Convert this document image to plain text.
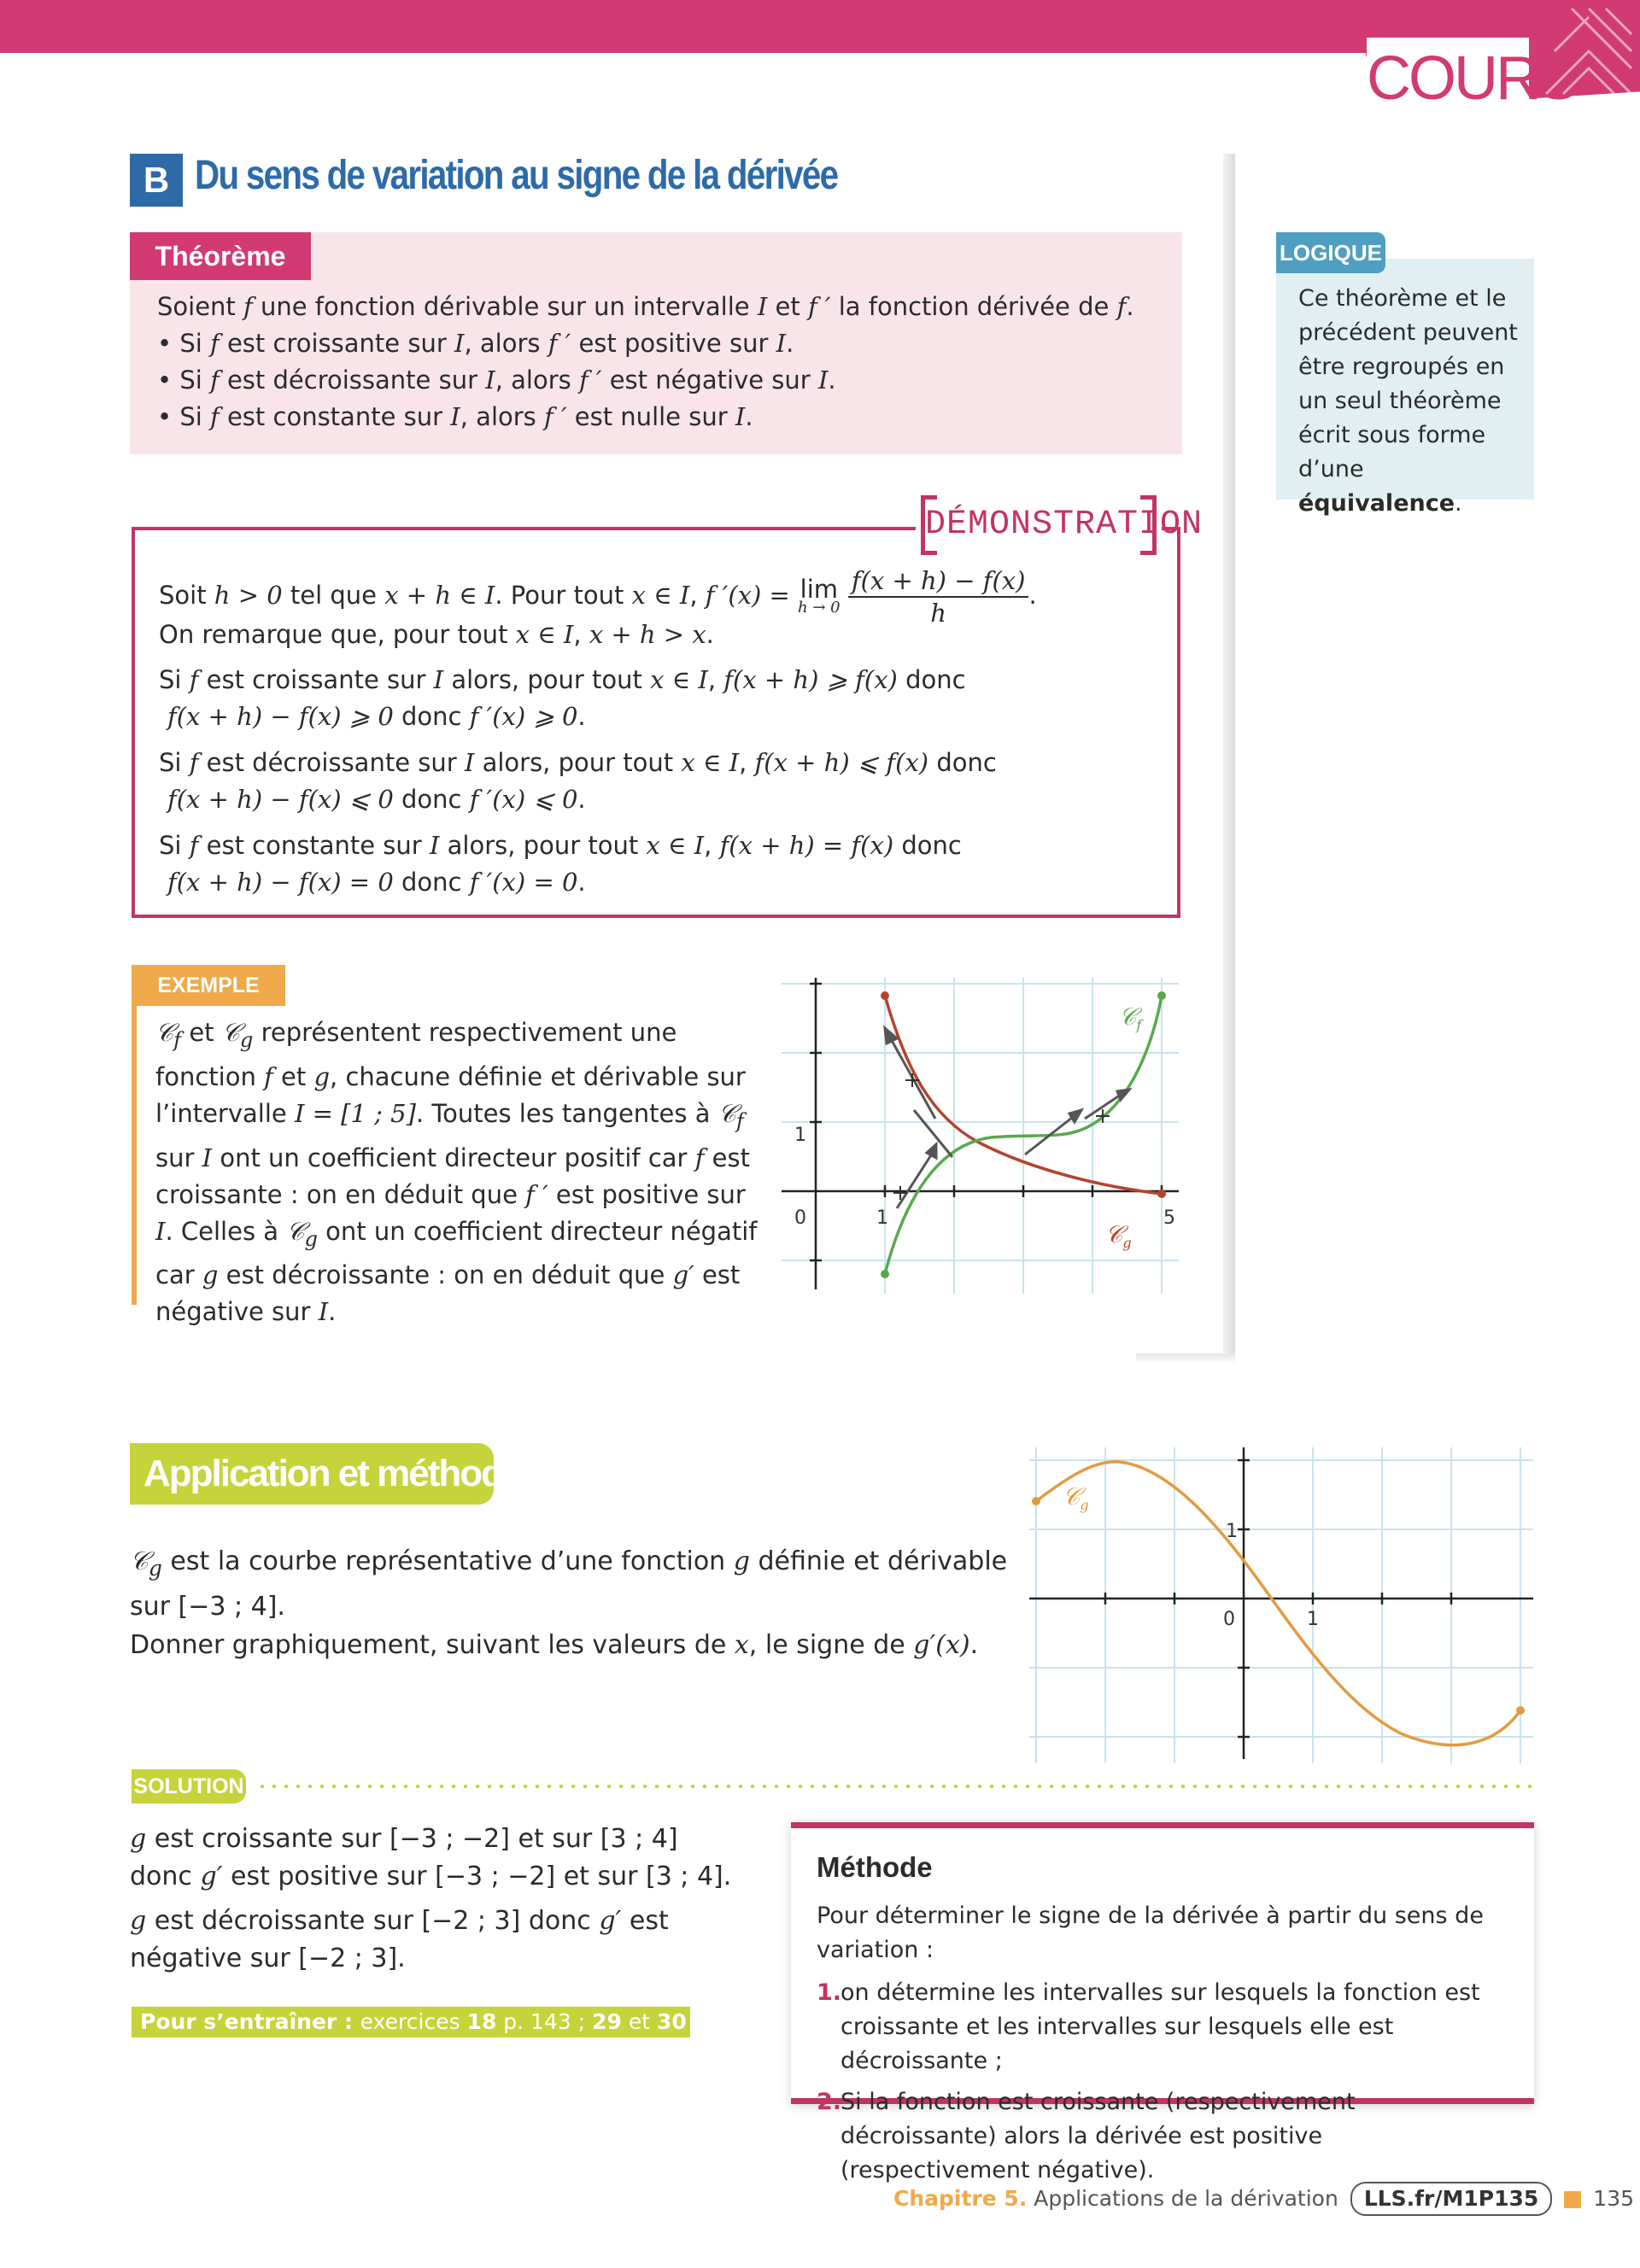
COURS
B Du sens de variation au signe de la dérivée
Théorème
Soient f une fonction dérivable sur un intervalle I et f ′ la fonction dérivée de f.
• Si f est croissante sur I, alors f ′ est positive sur I.
• Si f est décroissante sur I, alors f ′ est négative sur I.
• Si f est constante sur I, alors f ′ est nulle sur I.
LOGIQUE
Ce théorème et le précédent peuvent être regroupés en un seul théorème écrit sous forme d’une équivalence.
DÉMONSTRATION
Soit h > 0 tel que x + h ∈ I. Pour tout x ∈ I, f ′(x) = lim
h → 0
$\frac{f(x + h) - f(x)}{h}$ .
On remarque que, pour tout x ∈ I, x + h > x.
Si f est croissante sur I alors, pour tout x ∈ I, f(x + h) ⩾ f(x) donc
f(x + h) − f(x) ⩾ 0 donc f ′(x) ⩾ 0.
Si f est décroissante sur I alors, pour tout x ∈ I, f(x + h) ⩽ f(x) donc
f(x + h) − f(x) ⩽ 0 donc f ′(x) ⩽ 0.
Si f est constante sur I alors, pour tout x ∈ I, f(x + h) = f(x) donc
f(x + h) − f(x) = 0 donc f ′(x) = 0.
EXEMPLE
𝒞$_f$ et 𝒞$_g$ représentent respectivement une
fonction f et g, chacune définie et dérivable sur
l’intervalle I = [1 ; 5]. Toutes les tangentes à 𝒞$_f$
sur I ont un coefficient directeur positif car f est
croissante : on en déduit que f ′ est positive sur
I. Celles à 𝒞$_g$ ont un coefficient directeur négatif
car g est décroissante : on en déduit que g′ est
négative sur I.
𝒞$_f$
𝒞$_g$
0	1	5
1
Application et méthode
𝒞$_g$ est la courbe représentative d’une fonction g définie et dérivable
sur [−3 ; 4].
Donner graphiquement, suivant les valeurs de x, le signe de g′(x).
𝒞$_g$
0	1
1
SOLUTION
g est croissante sur [−3 ; −2] et sur [3 ; 4]
donc g′ est positive sur [−3 ; −2] et sur [3 ; 4].
g est décroissante sur [−2 ; 3] donc g′ est
négative sur [−2 ; 3].
Pour s’entraîner : exercices 18 p. 143 ; 29 et 30 p. 144
Méthode
Pour déterminer le signe de la dérivée à partir du sens de variation :
1.
on détermine les intervalles sur lesquels la fonction est croissante et les intervalles sur lesquels elle est décroissante ;
2.
Si la fonction est croissante (respectivement décroissante) alors la dérivée est positive (respectivement négative).
Chapitre 5. Applications de la dérivation LLS.fr/M1P135	135
